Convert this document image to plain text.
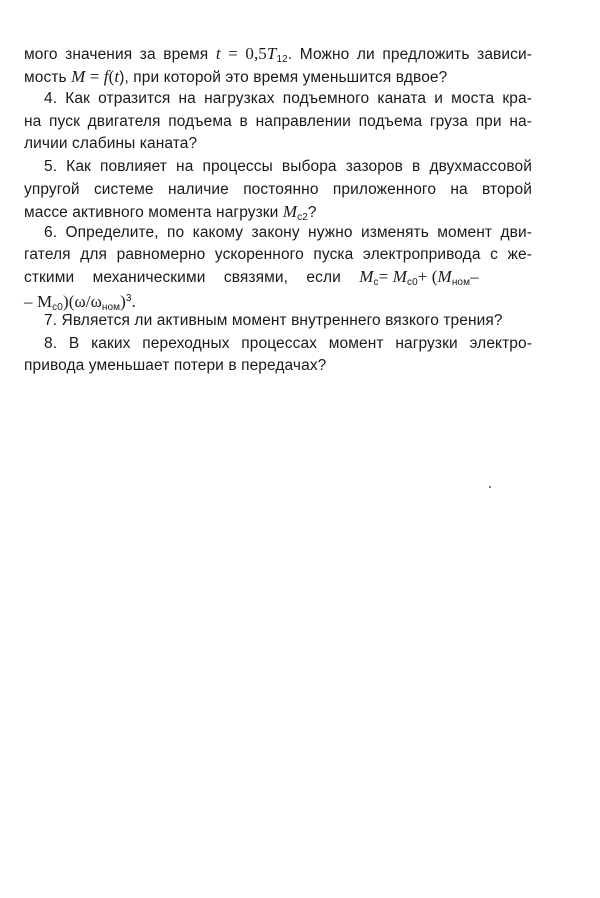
мого значения за время $t = 0,5T_{12}$. Можно ли предложить зависи-
мость M = f(t), при которой это время уменьшится вдвое?
4. Как отразится на нагрузках подъемного каната и моста кра-
на пуск двигателя подъема в направлении подъема груза при на-
личии слабины каната?
5. Как повлияет на процессы выбора зазоров в двухмассовой
упругой системе наличие постоянно приложенного на второй
массе активного момента нагрузки $M_{c2}$?
6. Определите, по какому закону нужно изменять момент дви-
гателя для равномерно ускоренного пуска электропривода с же-
сткими механическими связями, если $M_c= M_{c0}+ (M_{ном}-$
– $M_{c0})(\omega/\omega_{ном})^3$.
7. Является ли активным момент внутреннего вязкого трения?
8. В каких переходных процессах момент нагрузки электро-
привода уменьшает потери в передачах?
